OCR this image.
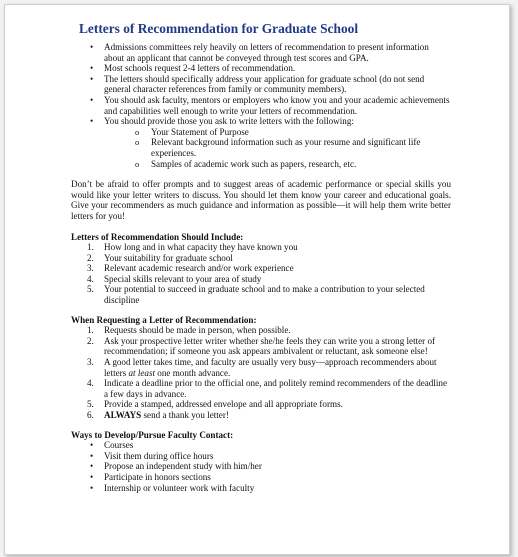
Letters of Recommendation for Graduate School
• Admissions committees rely heavily on letters of recommendation to present information about an applicant that cannot be conveyed through test scores and GPA.
• Most schools request 2-4 letters of recommendation.
• The letters should specifically address your application for graduate school (do not send general character references from family or community members).
• You should ask faculty, mentors or employers who know you and your academic achievements and capabilities well enough to write your letters of recommendation.
• You should provide those you ask to write letters with the following:
o Your Statement of Purpose
o Relevant background information such as your resume and significant life experiences.
o Samples of academic work such as papers, research, etc.

Don’t be afraid to offer prompts and to suggest areas of academic performance or special skills you would like your letter writers to discuss. You should let them know your career and educational goals. Give your recommenders as much guidance and information as possible—it will help them write better letters for you!

Letters of Recommendation Should Include:
1. How long and in what capacity they have known you
2. Your suitability for graduate school
3. Relevant academic research and/or work experience
4. Special skills relevant to your area of study
5. Your potential to succeed in graduate school and to make a contribution to your selected discipline
When Requesting a Letter of Recommendation:
1. Requests should be made in person, when possible.
2. Ask your prospective letter writer whether she/he feels they can write you a strong letter of recommendation; if someone you ask appears ambivalent or reluctant, ask someone else!
3. A good letter takes time, and faculty are usually very busy—approach recommenders about letters at least one month advance.
4. Indicate a deadline prior to the official one, and politely remind recommenders of the deadline a few days in advance.
5. Provide a stamped, addressed envelope and all appropriate forms.
6. ALWAYS send a thank you letter!
Ways to Develop/Pursue Faculty Contact:
• Courses
• Visit them during office hours
• Propose an independent study with him/her
• Participate in honors sections
• Internship or volunteer work with faculty
